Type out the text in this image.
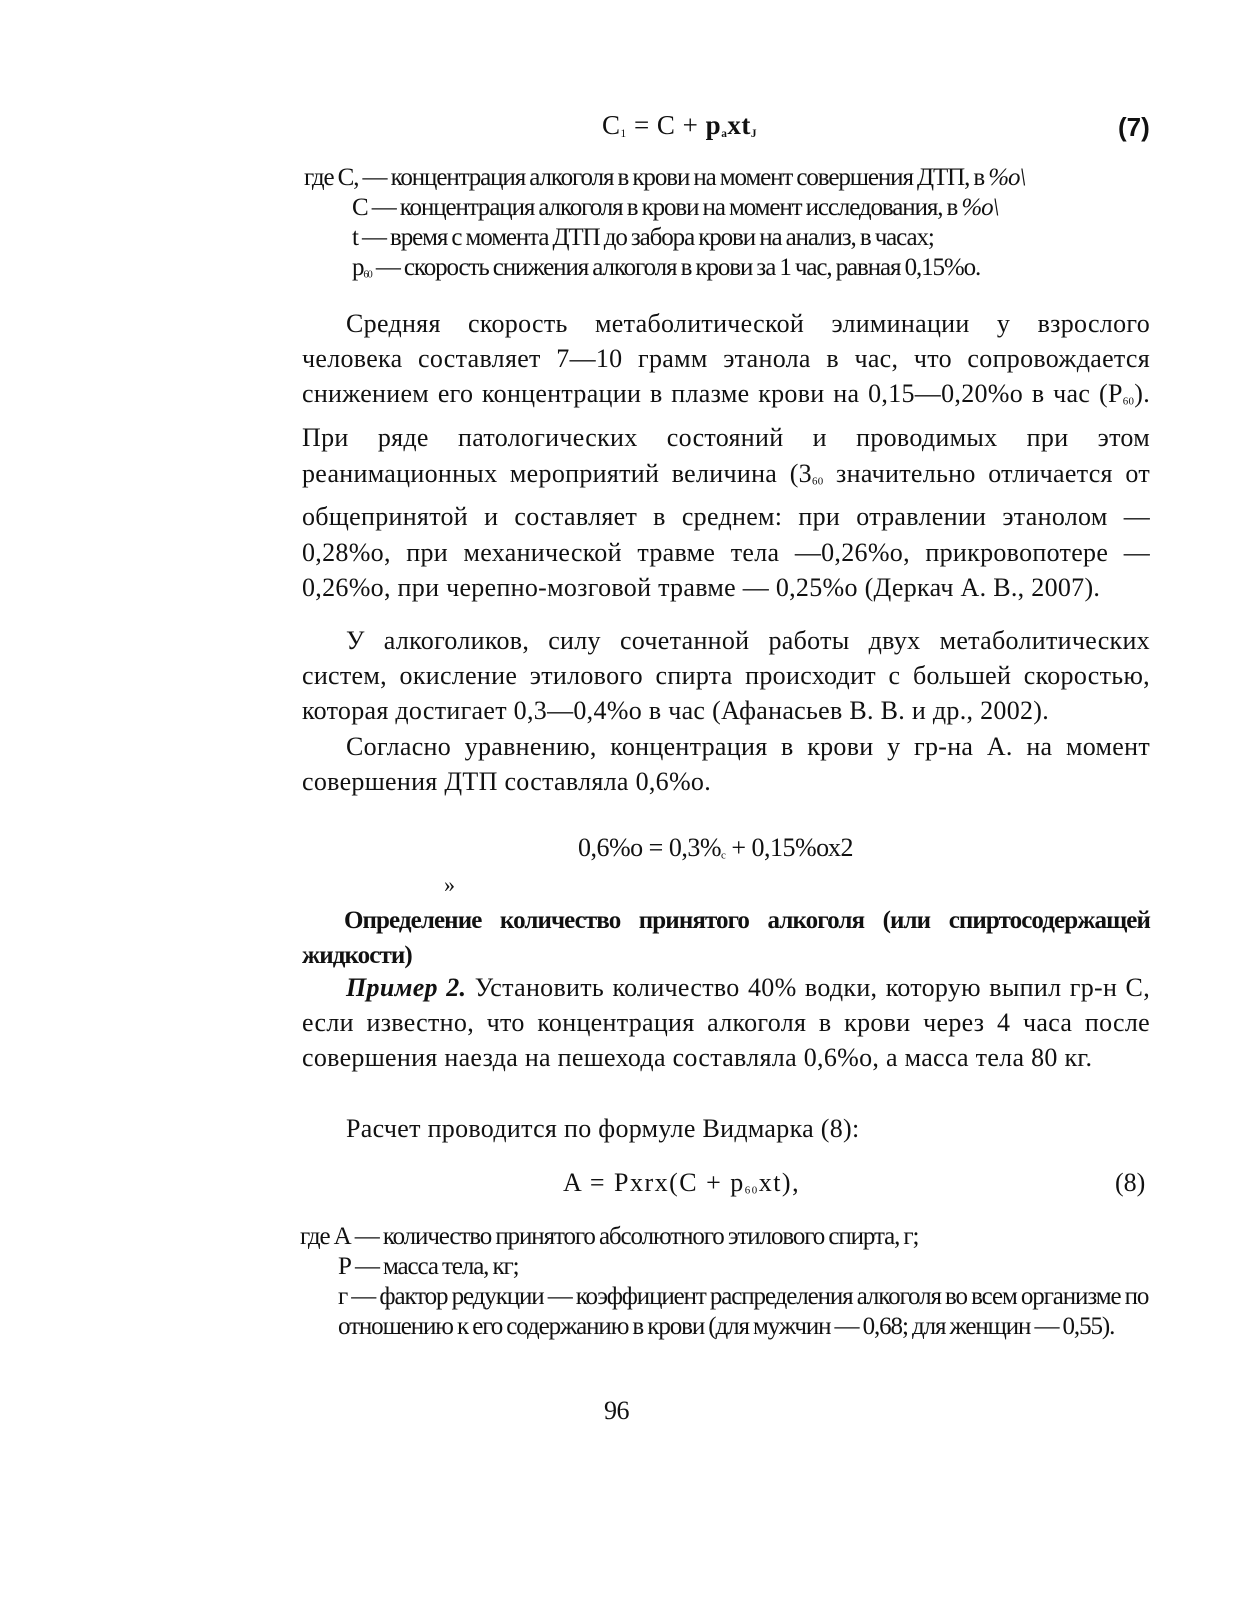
$C_1 = C + p_axt_J$	(7)
где С, — концентрация алкоголя в крови на момент совершения ДТП, в %о\
С — концентрация алкоголя в крови на момент исследования, в %о\
t — время с момента ДТП до забора крови на анализ, в часах;
$р_{60}$ — скорость снижения алкоголя в крови за 1 час, равная 0,15%о.

Средняя скорость метаболитической элиминации у взрослого человека составляет 7—10 грамм этанола в час, что сопровождается снижением его концентрации в плазме крови на 0,15—0,20%о в час $(Р_{60})$. При ряде патологических состояний и проводимых при этом реанимационных мероприятий величина ($3_{60}$ значительно отличается от общепринятой и составляет в среднем: при отравлении этанолом — 0,28%о, при механической травме тела —0,26%о, прикровопотере — 0,26%о, при черепно-мозговой травме — 0,25%о (Деркач А. В., 2007).

У алкоголиков, силу сочетанной работы двух метаболитических систем, окисление этилового спирта происходит с большей скоростью, которая достигает 0,3—0,4%о в час (Афанасьев В. В. и др., 2002).

Согласно уравнению, концентрация в крови у гр-на А. на момент совершения ДТП составляла 0,6%о.

$0,6\%о = 0,3\%_с + 0,15\%ох2$
»

Определение количество принятого алкоголя (или спиртосодержащей жидкости)

Пример 2. Установить количество 40% водки, которую выпил гр-н С, если известно, что концентрация алкоголя в крови через 4 часа после совершения наезда на пешехода составляла 0,6%о, а масса тела 80 кг.

Расчет проводится по формуле Видмарка (8):

A = Pxrx(C + $p_{60}xt$),	(8)
где А — количество принятого абсолютного этилового спирта, г;
Р — масса тела, кг;
г — фактор редукции — коэффициент распределения алкоголя во всем организме по отношению к его содержанию в крови (для мужчин — 0,68; для женщин — 0,55).
96
